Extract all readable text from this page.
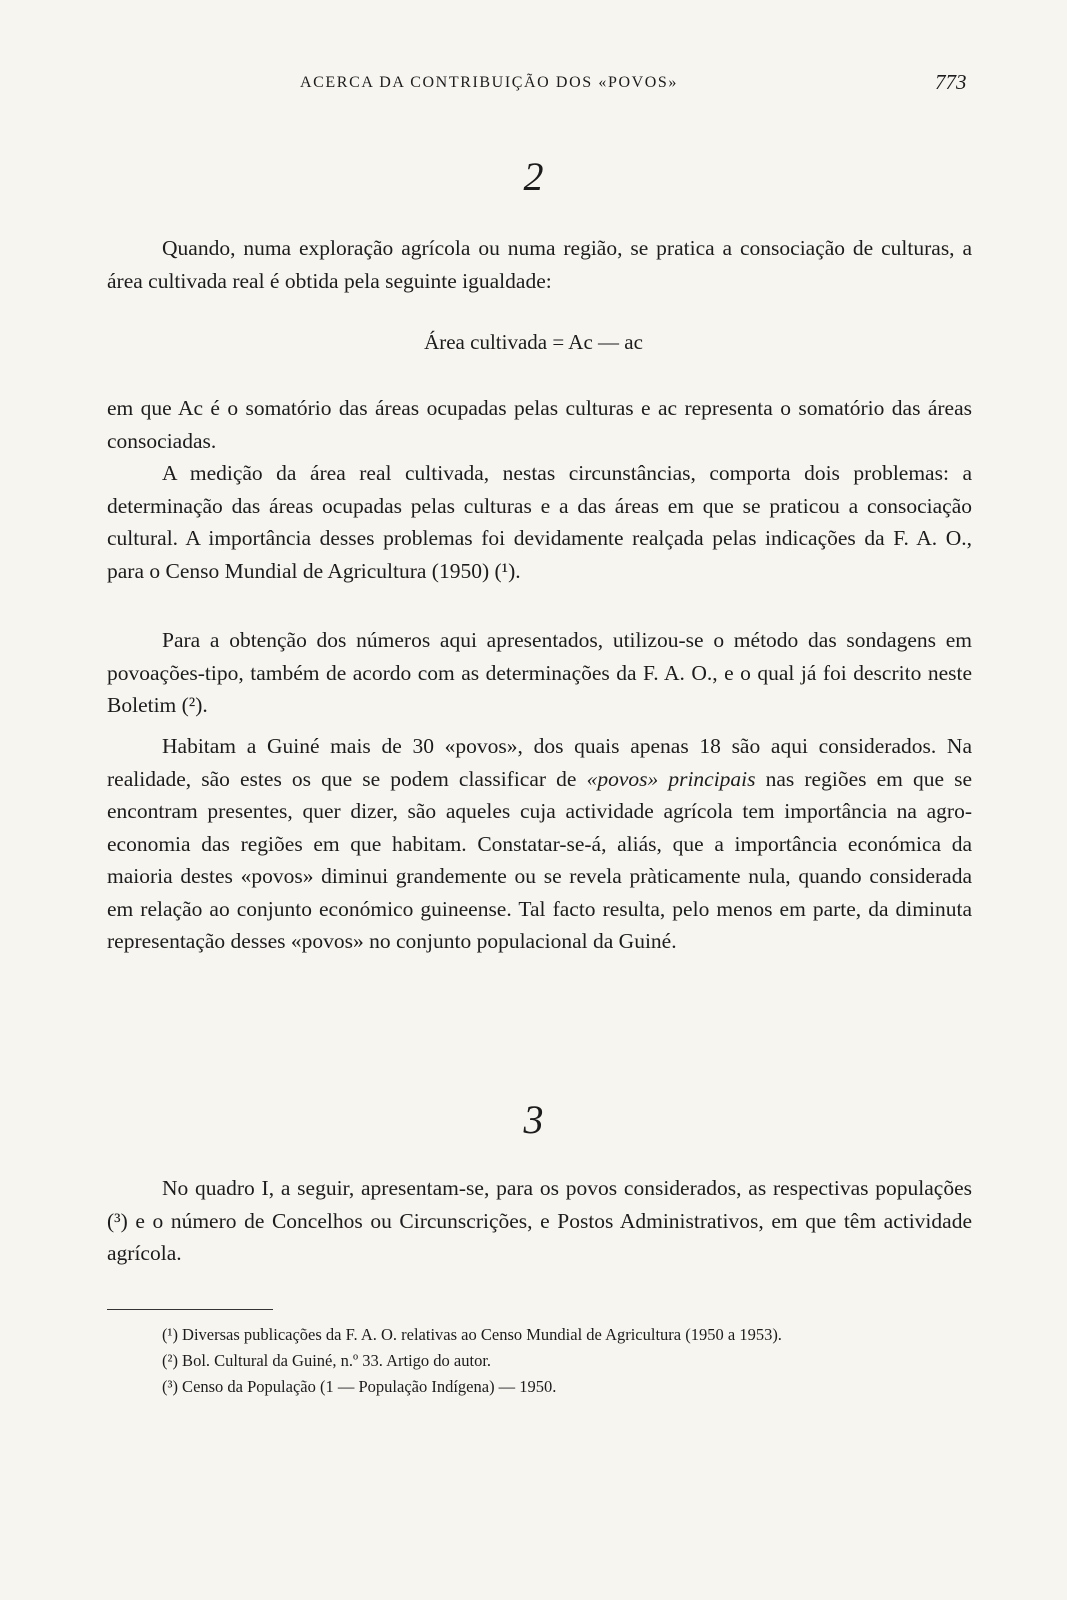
ACERCA DA CONTRIBUIÇÃO DOS «POVOS»	773
2

Quando, numa exploração agrícola ou numa região, se pratica a consociação de culturas, a área cultivada real é obtida pela seguinte igualdade:

Área cultivada = Ac — ac

em que Ac é o somatório das áreas ocupadas pelas culturas e ac representa o somatório das áreas consociadas.

A medição da área real cultivada, nestas circunstâncias, comporta dois problemas: a determinação das áreas ocupadas pelas culturas e a das áreas em que se praticou a consociação cultural. A importância desses problemas foi devidamente realçada pelas indicações da F. A. O., para o Censo Mundial de Agricultura (1950) (¹).

Para a obtenção dos números aqui apresentados, utilizou-se o método das sondagens em povoações-tipo, também de acordo com as determinações da F. A. O., e o qual já foi descrito neste Boletim (²).

Habitam a Guiné mais de 30 «povos», dos quais apenas 18 são aqui considerados. Na realidade, são estes os que se podem classificar de «povos» principais nas regiões em que se encontram presentes, quer dizer, são aqueles cuja actividade agrícola tem importância na agro-economia das regiões em que habitam. Constatar-se-á, aliás, que a importância económica da maioria destes «povos» diminui grandemente ou se revela pràticamente nula, quando considerada em relação ao conjunto económico guineense. Tal facto resulta, pelo menos em parte, da diminuta representação desses «povos» no conjunto populacional da Guiné.

3

No quadro I, a seguir, apresentam-se, para os povos considerados, as respectivas populações (³) e o número de Concelhos ou Circunscrições, e Postos Administrativos, em que têm actividade agrícola.

(¹) Diversas publicações da F. A. O. relativas ao Censo Mundial de Agricultura (1950 a 1953).

(²) Bol. Cultural da Guiné, n.º 33. Artigo do autor.

(³) Censo da População (1 — População Indígena) — 1950.
